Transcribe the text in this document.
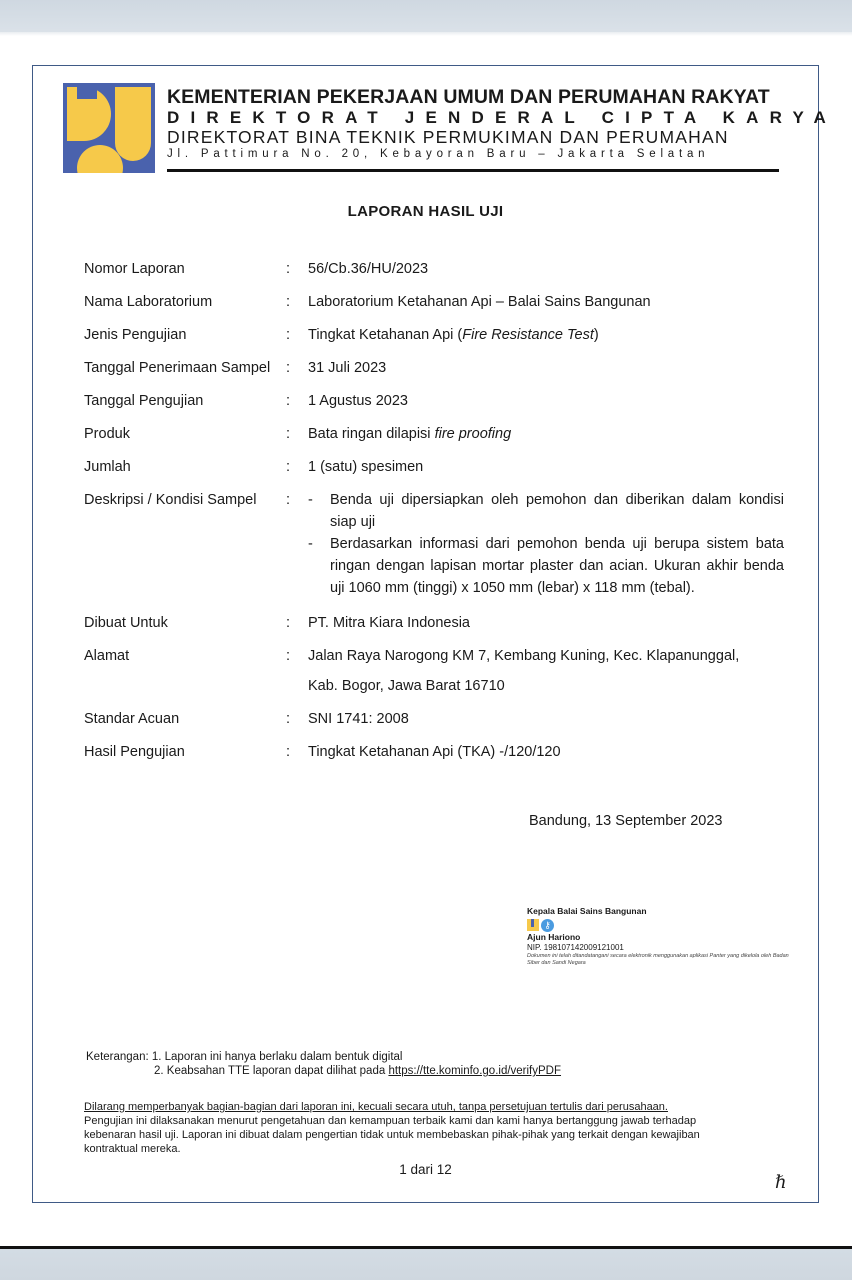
KEMENTERIAN PEKERJAAN UMUM DAN PERUMAHAN RAKYAT
DIREKTORAT JENDERAL CIPTA KARYA
DIREKTORAT BINA TEKNIK PERMUKIMAN DAN PERUMAHAN
Jl. Pattimura No. 20, Kebayoran Baru – Jakarta Selatan
LAPORAN HASIL UJI
Nomor Laporan	:	56/Cb.36/HU/2023
Nama Laboratorium	:	Laboratorium Ketahanan Api – Balai Sains Bangunan
Jenis Pengujian	:	Tingkat Ketahanan Api (Fire Resistance Test)
Tanggal Penerimaan Sampel	:	31 Juli 2023
Tanggal Pengujian	:	1 Agustus 2023
Produk	:	Bata ringan dilapisi fire proofing
Jumlah	:	1 (satu) spesimen
Deskripsi / Kondisi Sampel	:	-	Benda uji dipersiapkan oleh pemohon dan diberikan dalam kondisi siap uji
-	Berdasarkan informasi dari pemohon benda uji berupa sistem bata ringan dengan lapisan mortar plaster dan acian. Ukuran akhir benda uji 1060 mm (tinggi) x 1050 mm (lebar) x 118 mm (tebal).
Dibuat Untuk	:	PT. Mitra Kiara Indonesia
Alamat	:	Jalan Raya Narogong KM 7, Kembang Kuning, Kec. Klapanunggal,
Kab. Bogor, Jawa Barat 16710
Standar Acuan	:	SNI 1741: 2008
Hasil Pengujian	:	Tingkat Ketahanan Api (TKA) -/120/120
Bandung, 13 September 2023
Kepala Balai Sains Bangunan
⚷
Ajun Hariono
NIP. 198107142009121001
Dokumen ini telah ditandatangani secara elektronik menggunakan aplikasi Panter yang dikelola oleh Badan Siber dan Sandi Negara
Keterangan: 1. Laporan ini hanya berlaku dalam bentuk digital
2. Keabsahan TTE laporan dapat dilihat pada https://tte.kominfo.go.id/verifyPDF
Dilarang memperbanyak bagian-bagian dari laporan ini, kecuali secara utuh, tanpa persetujuan tertulis dari perusahaan.
Pengujian ini dilaksanakan menurut pengetahuan dan kemampuan terbaik kami dan kami hanya bertanggung jawab terhadap kebenaran hasil uji. Laporan ini dibuat dalam pengertian tidak untuk membebaskan pihak-pihak yang terkait dengan kewajiban kontraktual mereka.
1 dari 12
ℏ
